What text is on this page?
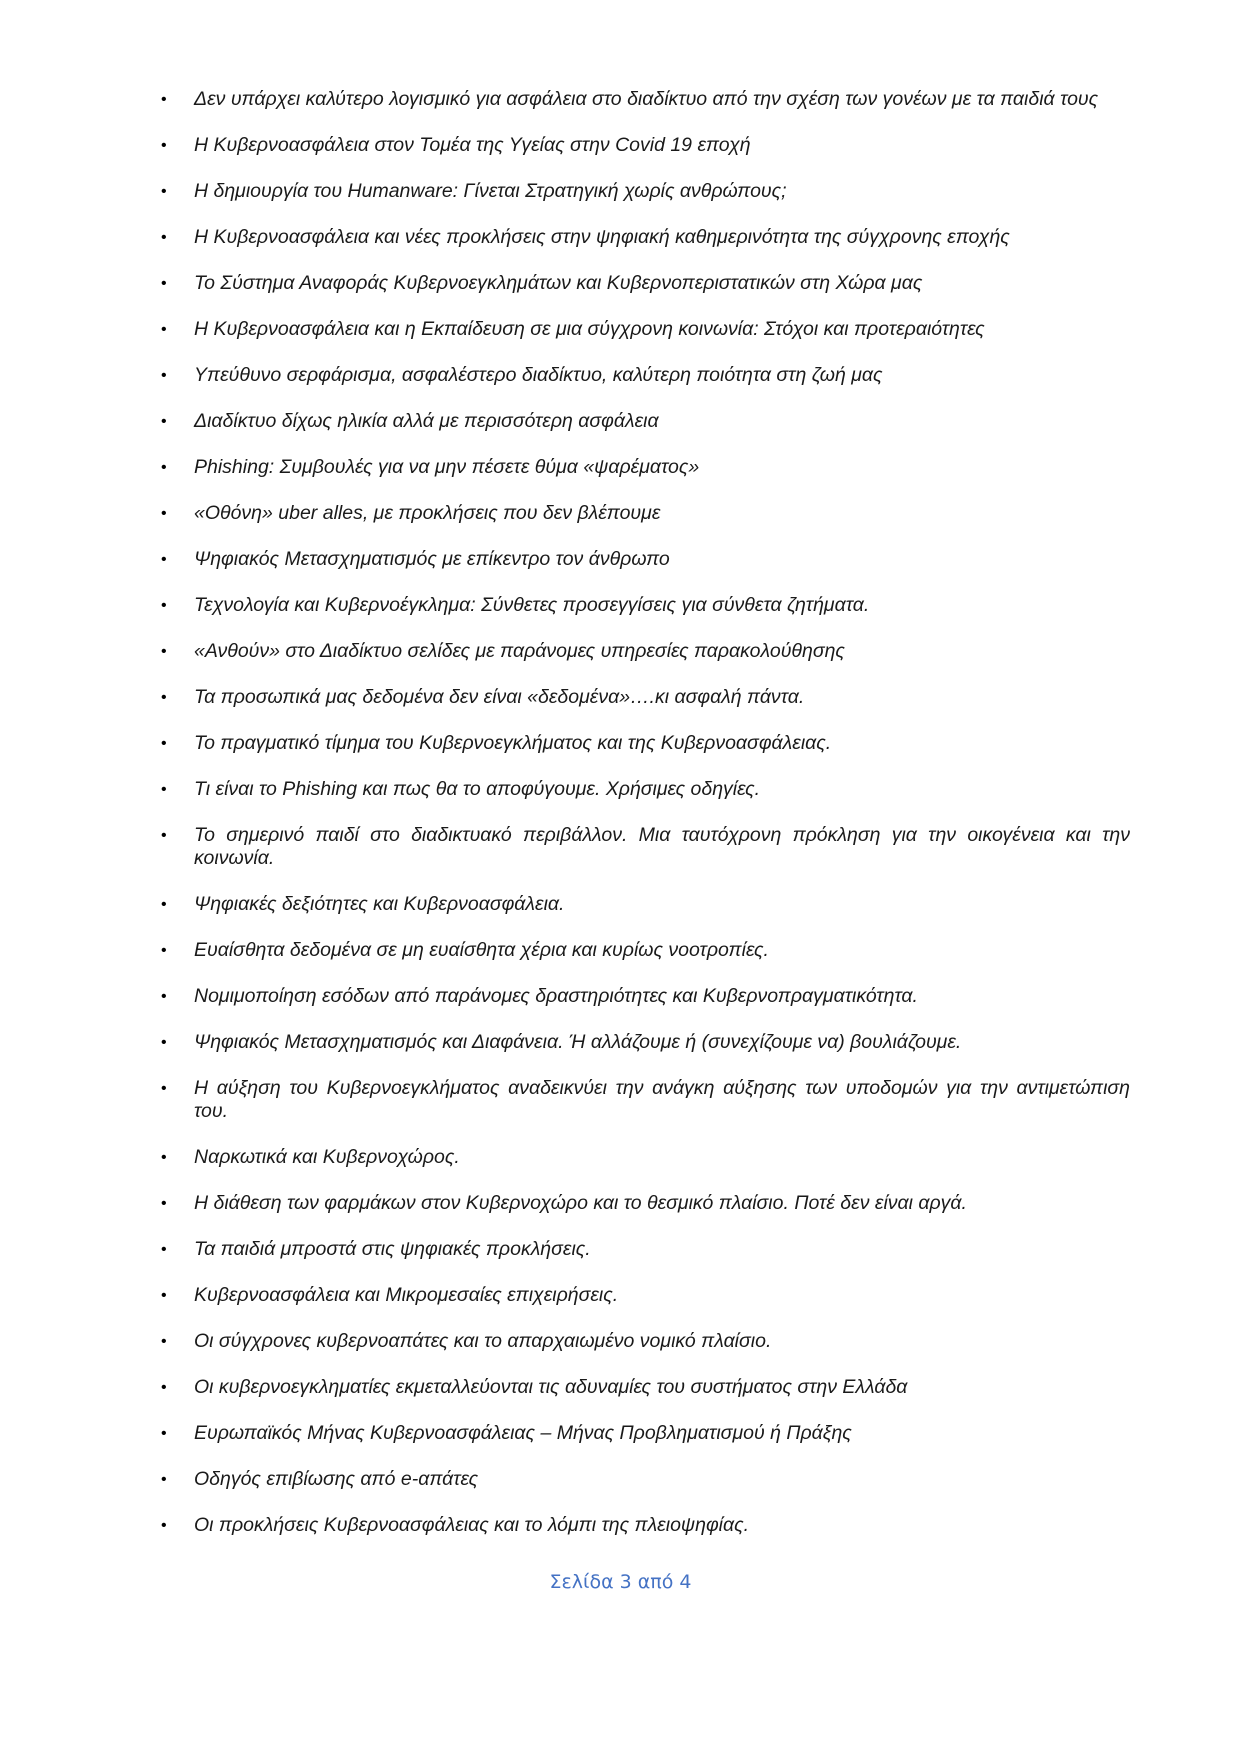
• Δεν υπάρχει καλύτερο λογισμικό για ασφάλεια στο διαδίκτυο από την σχέση των γονέων με τα παιδιά τους
• Η Κυβερνοασφάλεια στον Τομέα της Υγείας στην Covid 19 εποχή
• Η δημιουργία του Humanware: Γίνεται Στρατηγική χωρίς ανθρώπους;
• Η Κυβερνοασφάλεια και νέες προκλήσεις στην ψηφιακή καθημερινότητα της σύγχρονης εποχής
• Το Σύστημα Αναφοράς Κυβερνοεγκλημάτων και Κυβερνοπεριστατικών στη Χώρα μας
• Η Κυβερνοασφάλεια και η Εκπαίδευση σε μια σύγχρονη κοινωνία: Στόχοι και προτεραιότητες
• Υπεύθυνο σερφάρισμα, ασφαλέστερο διαδίκτυο, καλύτερη ποιότητα στη ζωή μας
• Διαδίκτυο δίχως ηλικία αλλά με περισσότερη ασφάλεια
• Phishing: Συμβουλές για να μην πέσετε θύμα «ψαρέματος»
• «Οθόνη» uber alles, με προκλήσεις που δεν βλέπουμε
• Ψηφιακός Μετασχηματισμός με επίκεντρο τον άνθρωπο
• Τεχνολογία και Κυβερνοέγκλημα: Σύνθετες προσεγγίσεις για σύνθετα ζητήματα.
• «Ανθούν» στο Διαδίκτυο σελίδες με παράνομες υπηρεσίες παρακολούθησης
• Τα προσωπικά μας δεδομένα δεν είναι «δεδομένα»….κι ασφαλή πάντα.
• Το πραγματικό τίμημα του Κυβερνοεγκλήματος και της Κυβερνοασφάλειας.
• Τι είναι το Phishing και πως θα το αποφύγουμε. Χρήσιμες οδηγίες.
• Το σημερινό παιδί στο διαδικτυακό περιβάλλον. Μια ταυτόχρονη πρόκληση για την οικογένεια και την κοινωνία.
• Ψηφιακές δεξιότητες και Κυβερνοασφάλεια.
• Ευαίσθητα δεδομένα σε μη ευαίσθητα χέρια και κυρίως νοοτροπίες.
• Νομιμοποίηση εσόδων από παράνομες δραστηριότητες και Κυβερνοπραγματικότητα.
• Ψηφιακός Μετασχηματισμός και Διαφάνεια. Ή αλλάζουμε ή (συνεχίζουμε να) βουλιάζουμε.
• Η αύξηση του Κυβερνοεγκλήματος αναδεικνύει την ανάγκη αύξησης των υποδομών για την αντιμετώπιση του.
• Ναρκωτικά και Κυβερνοχώρος.
• Η διάθεση των φαρμάκων στον Κυβερνοχώρο και το θεσμικό πλαίσιο. Ποτέ δεν είναι αργά.
• Τα παιδιά μπροστά στις ψηφιακές προκλήσεις.
• Κυβερνοασφάλεια και Μικρομεσαίες επιχειρήσεις.
• Οι σύγχρονες κυβερνοαπάτες και το απαρχαιωμένο νομικό πλαίσιο.
• Οι κυβερνοεγκληματίες εκμεταλλεύονται τις αδυναμίες του συστήματος στην Ελλάδα
• Ευρωπαϊκός Μήνας Κυβερνοασφάλειας – Μήνας Προβληματισμού ή Πράξης
• Οδηγός επιβίωσης από e-απάτες
• Οι προκλήσεις Κυβερνοασφάλειας και το λόμπι της πλειοψηφίας.
Σελίδα 3 από 4
